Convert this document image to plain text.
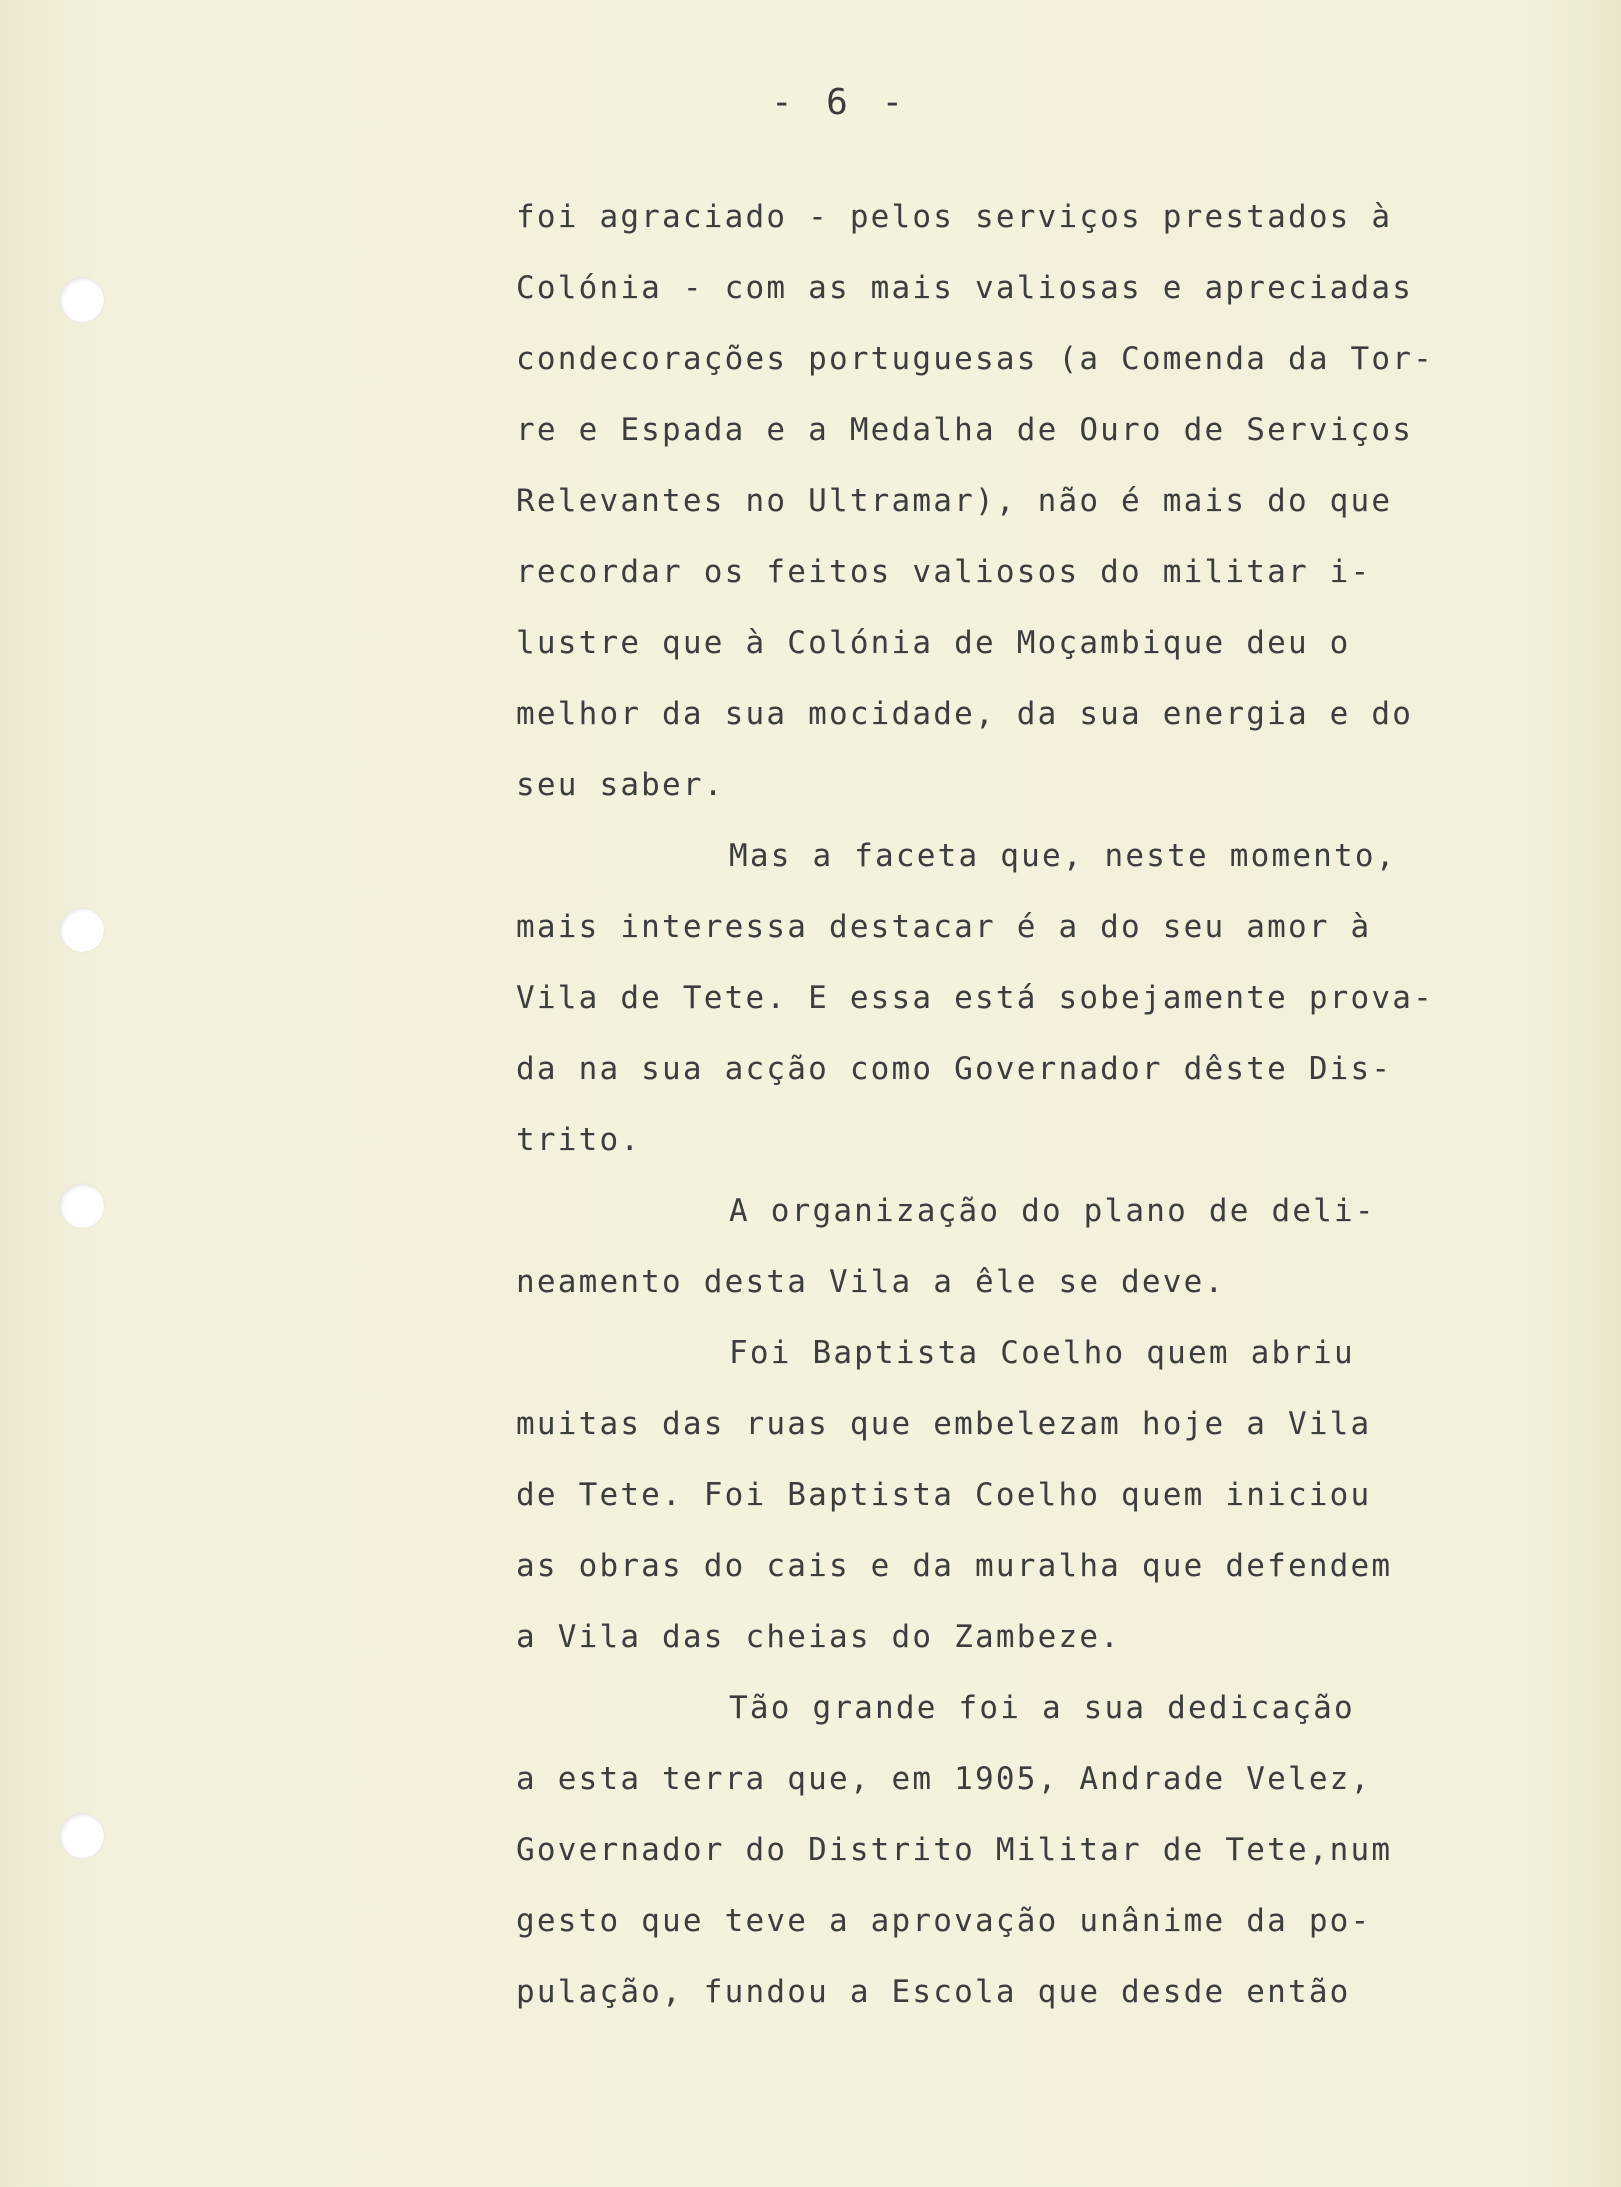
- 6 -
foi agraciado - pelos serviços prestados à
Colónia - com as mais valiosas e apreciadas
condecorações portuguesas (a Comenda da Tor-
re e Espada e a Medalha de Ouro de Serviços
Relevantes no Ultramar), não é mais do que
recordar os feitos valiosos do militar i-
lustre que à Colónia de Moçambique deu o
melhor da sua mocidade, da sua energia e do
seu saber.
Mas a faceta que, neste momento,
mais interessa destacar é a do seu amor à
Vila de Tete. E essa está sobejamente prova-
da na sua acção como Governador dêste Dis-
trito.
A organização do plano de deli-
neamento desta Vila a êle se deve.
Foi Baptista Coelho quem abriu
muitas das ruas que embelezam hoje a Vila
de Tete. Foi Baptista Coelho quem iniciou
as obras do cais e da muralha que defendem
a Vila das cheias do Zambeze.
Tão grande foi a sua dedicação
a esta terra que, em 1905, Andrade Velez,
Governador do Distrito Militar de Tete,num
gesto que teve a aprovação unânime da po-
pulação, fundou a Escola que desde então
